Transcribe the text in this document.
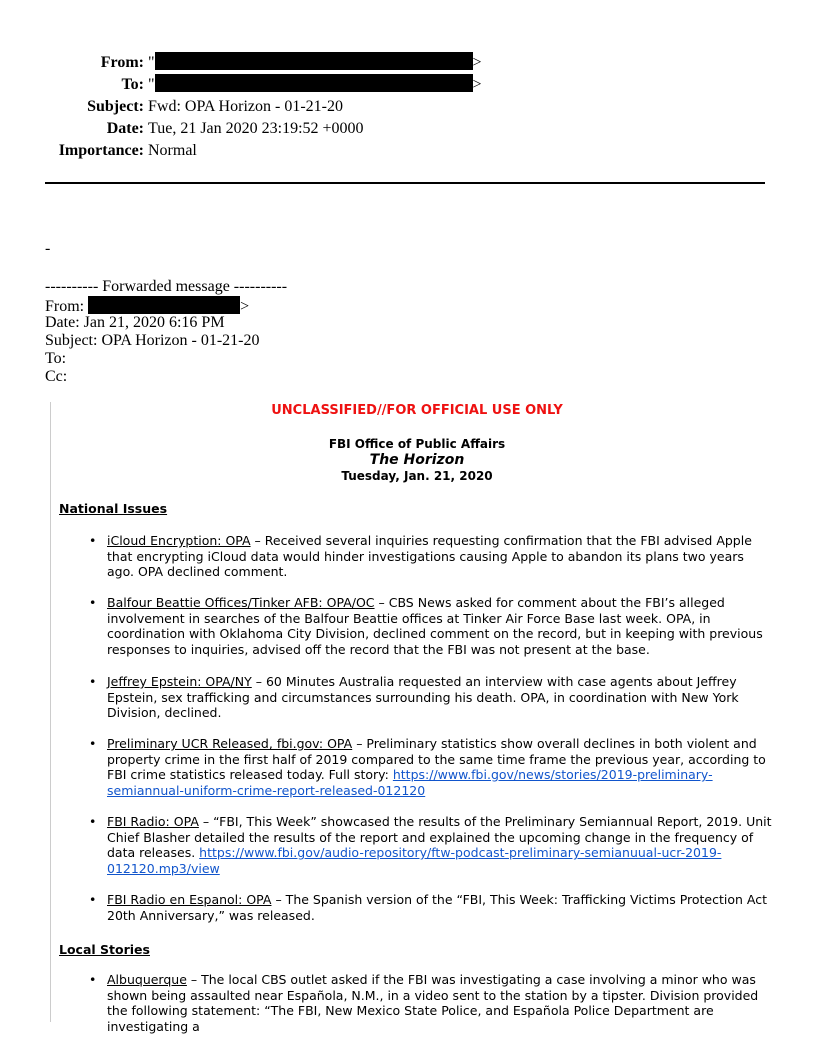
From: "	>
To: "	>
Subject: Fwd: OPA Horizon - 01-21-20
Date: Tue, 21 Jan 2020 23:19:52 +0000
Importance: Normal
-
---------- Forwarded message ----------
From:	>
Date: Jan 21, 2020 6:16 PM
Subject: OPA Horizon - 01-21-20
To:
Cc:
UNCLASSIFIED//FOR OFFICIAL USE ONLY
FBI Office of Public Affairs
The Horizon
Tuesday, Jan. 21, 2020
National Issues
• iCloud Encryption: OPA – Received several inquiries requesting confirmation that the FBI advised Apple that encrypting iCloud data would hinder investigations causing Apple to abandon its plans two years ago. OPA declined comment.
• Balfour Beattie Offices/Tinker AFB: OPA/OC – CBS News asked for comment about the FBI’s alleged involvement in searches of the Balfour Beattie offices at Tinker Air Force Base last week. OPA, in coordination with Oklahoma City Division, declined comment on the record, but in keeping with previous responses to inquiries, advised off the record that the FBI was not present at the base.
• Jeffrey Epstein: OPA/NY – 60 Minutes Australia requested an interview with case agents about Jeffrey Epstein, sex trafficking and circumstances surrounding his death. OPA, in coordination with New York Division, declined.
• Preliminary UCR Released, fbi.gov: OPA – Preliminary statistics show overall declines in both violent and property crime in the first half of 2019 compared to the same time frame the previous year, according to FBI crime statistics released today. Full story: https://www.fbi.gov/news/stories/2019-preliminary-semiannual-uniform-crime-report-released-012120
• FBI Radio: OPA – “FBI, This Week” showcased the results of the Preliminary Semiannual Report, 2019. Unit Chief Blasher detailed the results of the report and explained the upcoming change in the frequency of data releases. https://www.fbi.gov/audio-repository/ftw-podcast-preliminary-semianuual-ucr-2019-012120.mp3/view
• FBI Radio en Espanol: OPA – The Spanish version of the “FBI, This Week: Trafficking Victims Protection Act 20th Anniversary,” was released.
Local Stories
• Albuquerque – The local CBS outlet asked if the FBI was investigating a case involving a minor who was shown being assaulted near Española, N.M., in a video sent to the station by a tipster. Division provided the following statement: “The FBI, New Mexico State Police, and Española Police Department are investigating a
